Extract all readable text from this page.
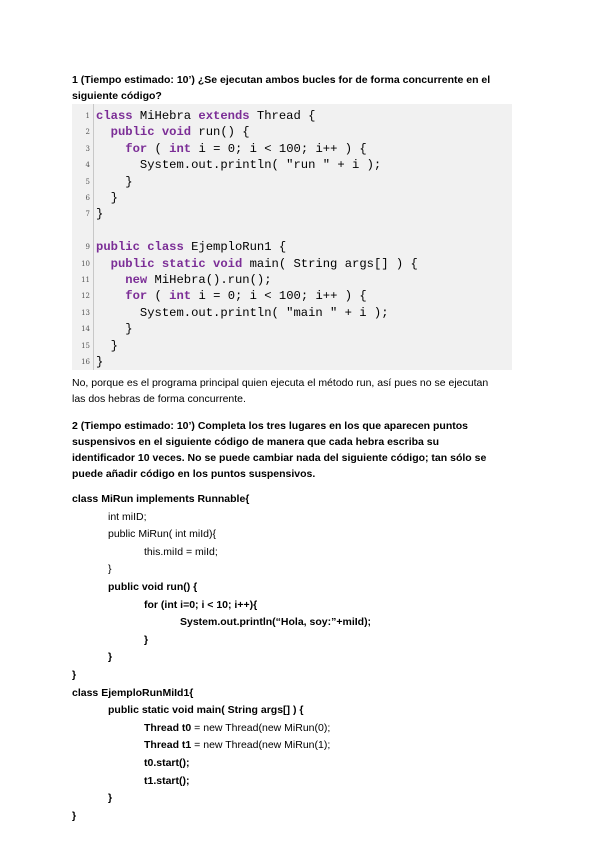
1 (Tiempo estimado: 10’) ¿Se ejecutan ambos bucles for de forma concurrente en el
siguiente código?
1 class MiHebra extends Thread {
2	public void run() {
3	for ( int i = 0; i < 100; i++ ) {
4 System.out.println( "run " + i );
5 }
6 }
7 }
9 public class EjemploRun1 {
10	public static void main( String args[] ) {
11	new MiHebra().run();
12	for ( int i = 0; i < 100; i++ ) {
13 System.out.println( "main " + i );
14 }
15 }
16 }
No, porque es el programa principal quien ejecuta el método run, así pues no se ejecutan
las dos hebras de forma concurrente.
2 (Tiempo estimado: 10’) Completa los tres lugares en los que aparecen puntos
suspensivos en el siguiente código de manera que cada hebra escriba su
identificador 10 veces. No se puede cambiar nada del siguiente código; tan sólo se
puede añadir código en los puntos suspensivos.
class MiRun implements Runnable{
int miID;
public MiRun( int miId){
this.miId = miId;
}
public void run() {
for (int i=0; i < 10; i++){
System.out.println(“Hola, soy:”+miId);
}
}
}
class EjemploRunMiId1{
public static void main( String args[] ) {
Thread t0 = new Thread(new MiRun(0);
Thread t1 = new Thread(new MiRun(1);
t0.start();
t1.start();
}
}
